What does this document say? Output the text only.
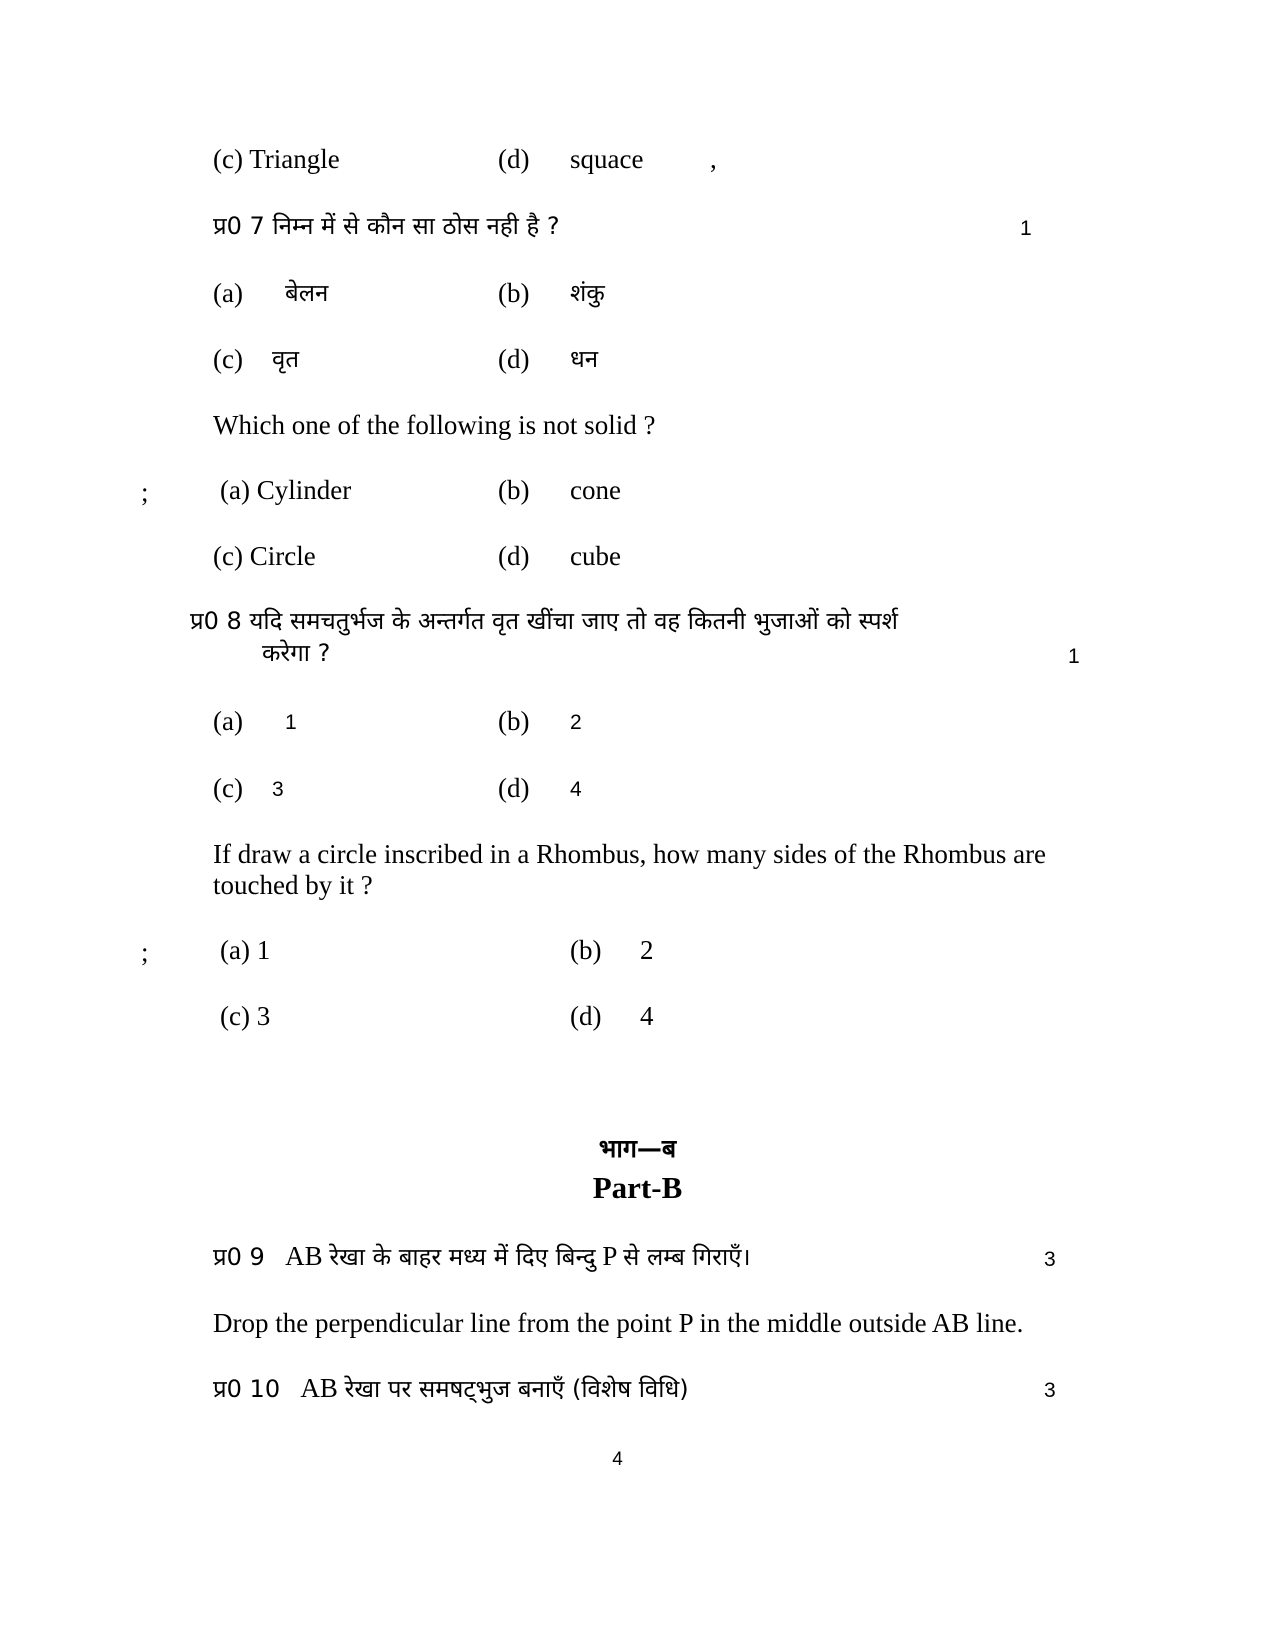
(c) Triangle	(d) squace ,
प्र0 7 निम्न में से कौन सा ठोस नही है ?	1
(a) बेलन	(b) शंकु
(c) वृत	(d) धन
Which one of the following is not solid ?
;	(a) Cylinder	(b) cone
(c) Circle	(d) cube
प्र0 8 यदि समचतुर्भज के अन्तर्गत वृत खींचा जाए तो वह कितनी भुजाओं को स्पर्श
करेगा ?	1
(a) 1	(b) 2
(c) 3	(d) 4
If draw a circle inscribed in a Rhombus, how many sides of the Rhombus are
touched by it ?
;	(a) 1	(b) 2
(c) 3	(d) 4
भाग—ब
Part-B
प्र0 9 AB रेखा के बाहर मध्य में दिए बिन्दु P से लम्ब गिराएँ।	3
Drop the perpendicular line from the point P in the middle outside AB line.
प्र0 10 AB रेखा पर समषट्भुज बनाएँ (विशेष विधि)	3
4
